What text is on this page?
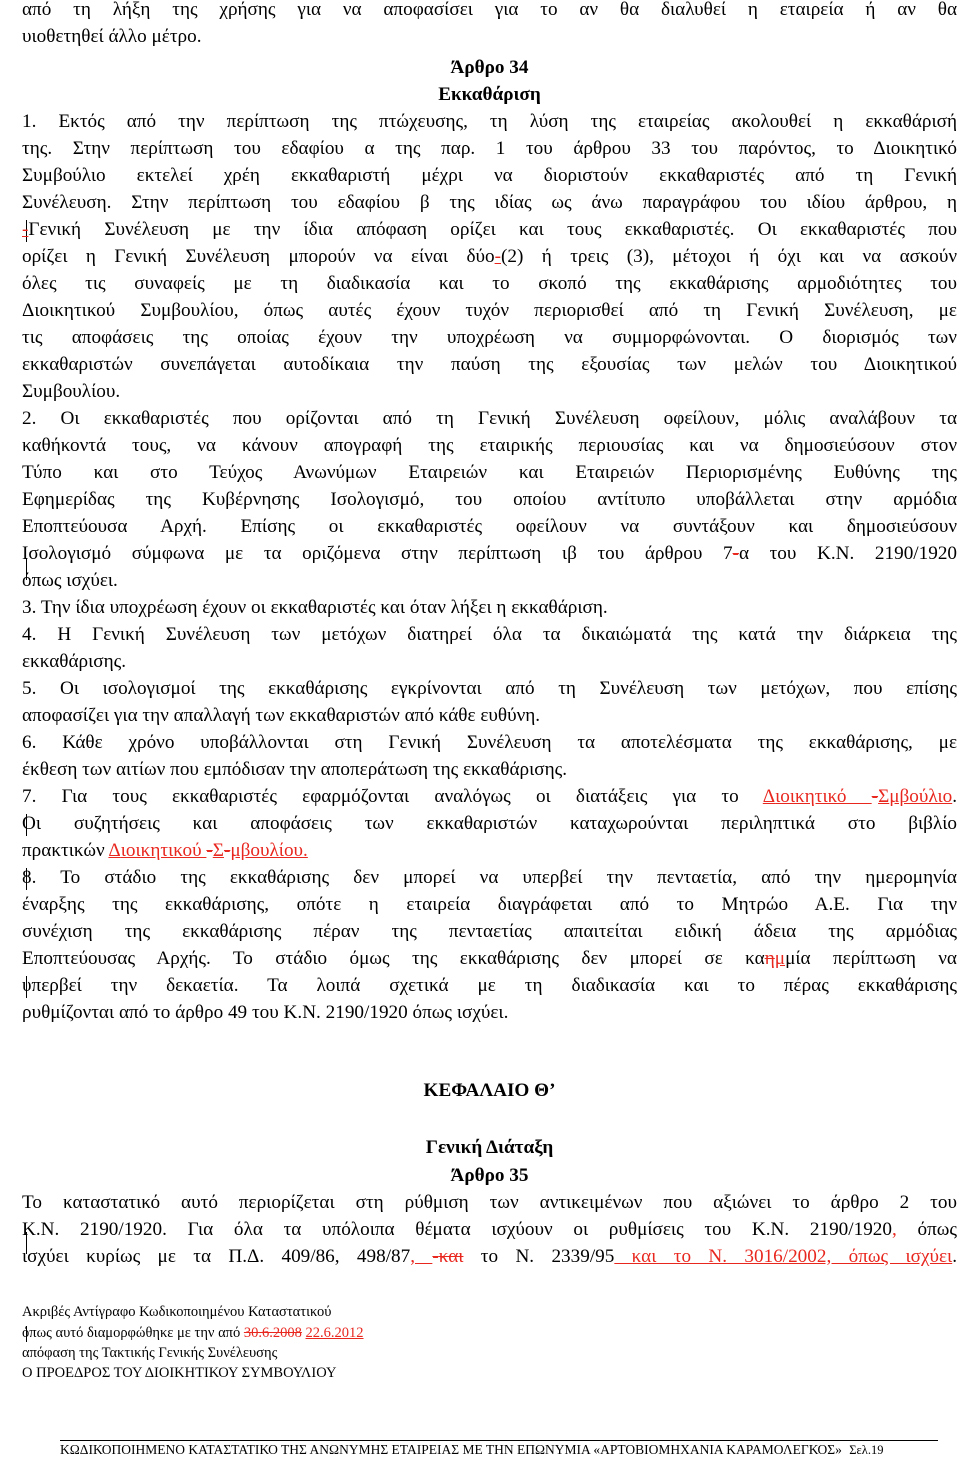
από τη λήξη της χρήσης για να αποφασίσει για το αν θα διαλυθεί η εταιρεία ή αν θα
υιοθετηθεί άλλο μέτρο.
Άρθρο 34
Εκκαθάριση
1. Εκτός από την περίπτωση της πτώχευσης, τη λύση της εταιρείας ακολουθεί η εκκαθάρισή
της. Στην περίπτωση του εδαφίου α της παρ. 1 του άρθρου 33 του παρόντος, το Διοικητικό
Συμβούλιο εκτελεί χρέη εκκαθαριστή μέχρι να διοριστούν εκκαθαριστές από τη Γενική
Συνέλευση. Στην περίπτωση του εδαφίου β της ιδίας ως άνω παραγράφου του ιδίου άρθρου, η
-Γενική Συνέλευση με την ίδια απόφαση ορίζει και τους εκκαθαριστές. Οι εκκαθαριστές που
ορίζει η Γενική Συνέλευση μπορούν να είναι δύο-(2) ή τρεις (3), μέτοχοι ή όχι και να ασκούν
όλες τις συναφείς με τη διαδικασία και το σκοπό της εκκαθάρισης αρμοδιότητες του
Διοικητικού Συμβουλίου, όπως αυτές έχουν τυχόν περιορισθεί από τη Γενική Συνέλευση, με
τις αποφάσεις της οποίας έχουν την υποχρέωση να συμμορφώνονται. Ο διορισμός των
εκκαθαριστών συνεπάγεται αυτοδίκαια την παύση της εξουσίας των μελών του Διοικητικού
Συμβουλίου.
2. Οι εκκαθαριστές που ορίζονται από τη Γενική Συνέλευση οφείλουν, μόλις αναλάβουν τα
καθήκοντά τους, να κάνουν απογραφή της εταιρικής περιουσίας και να δημοσιεύσουν στον
Τύπο και στο Τεύχος Ανωνύμων Εταιρειών και Εταιρειών Περιορισμένης Ευθύνης της
Εφημερίδας της Κυβέρνησης Ισολογισμό, του οποίου αντίτυπο υποβάλλεται στην αρμόδια
Εποπτεύουσα Αρχή. Επίσης οι εκκαθαριστές οφείλουν να συντάξουν και δημοσιεύσουν
Ισολογισμό σύμφωνα με τα οριζόμενα στην περίπτωση ιβ του άρθρου 7-α του Κ.Ν. 2190/1920
όπως ισχύει.
3. Την ίδια υποχρέωση έχουν οι εκκαθαριστές και όταν λήξει η εκκαθάριση.
4. Η Γενική Συνέλευση των μετόχων διατηρεί όλα τα δικαιώματά της κατά την διάρκεια της
εκκαθάρισης.
5. Οι ισολογισμοί της εκκαθάρισης εγκρίνονται από τη Συνέλευση των μετόχων, που επίσης
αποφασίζει για την απαλλαγή των εκκαθαριστών από κάθε ευθύνη.
6. Κάθε χρόνο υποβάλλονται στη Γενική Συνέλευση τα αποτελέσματα της εκκαθάρισης, με
έκθεση των αιτίων που εμπόδισαν την αποπεράτωση της εκκαθάρισης.
7. Για τους εκκαθαριστές εφαρμόζονται αναλόγως οι διατάξεις για το Διοικητικό -Σμβούλιο.
Οι συζητήσεις και αποφάσεις των εκκαθαριστών καταχωρούνται περιληπτικά στο βιβλίο
πρακτικών Διοικητικού -Σ-μβουλίου.
8. Το στάδιο της εκκαθάρισης δεν μπορεί να υπερβεί την πενταετία, από την ημερομηνία
έναρξης της εκκαθάρισης, οπότε η εταιρεία διαγράφεται από το Μητρώο Α.Ε. Για την
συνέχιση της εκκαθάρισης πέραν της πενταετίας απαιτείται ειδική άδεια της αρμόδιας
Εποπτεύουσας Αρχής. Το στάδιο όμως της εκκαθάρισης δεν μπορεί σε καημμία περίπτωση να
υπερβεί την δεκαετία. Τα λοιπά σχετικά με τη διαδικασία και το πέρας εκκαθάρισης
ρυθμίζονται από το άρθρο 49 του Κ.Ν. 2190/1920 όπως ισχύει.
ΚΕΦΑΛΑΙΟ Θ’
Γενική Διάταξη
Άρθρο 35
Το καταστατικό αυτό περιορίζεται στη ρύθμιση των αντικειμένων που αξιώνει το άρθρο 2 του
Κ.Ν. 2190/1920. Για όλα τα υπόλοιπα θέματα ισχύουν οι ρυθμίσεις του Κ.Ν. 2190/1920, όπως
ισχύει κυρίως με τα Π.Δ. 409/86, 498/87, -και το Ν. 2339/95 και το Ν. 3016/2002, όπως ισχύει.
Ακριβές Αντίγραφο Κωδικοποιημένου Καταστατικού
όπως αυτό διαμορφώθηκε με την από 30.6.2008 22.6.2012
απόφαση της Τακτικής Γενικής Συνέλευσης
Ο ΠΡΟΕΔΡΟΣ ΤΟΥ ΔΙΟΙΚΗΤΙΚΟΥ ΣΥΜΒΟΥΛΙΟΥ
ΚΩΔΙΚΟΠΟΙΗΜΕΝΟ ΚΑΤΑΣΤΑΤΙΚΟ ΤΗΣ ΑΝΩΝΥΜΗΣ ΕΤΑΙΡΕΙΑΣ ΜΕ ΤΗΝ ΕΠΩΝΥΜΙΑ «ΑΡΤΟΒΙΟΜΗΧΑΝΙΑ ΚΑΡΑΜΟΛΕΓΚΟΣ» Σελ.19
